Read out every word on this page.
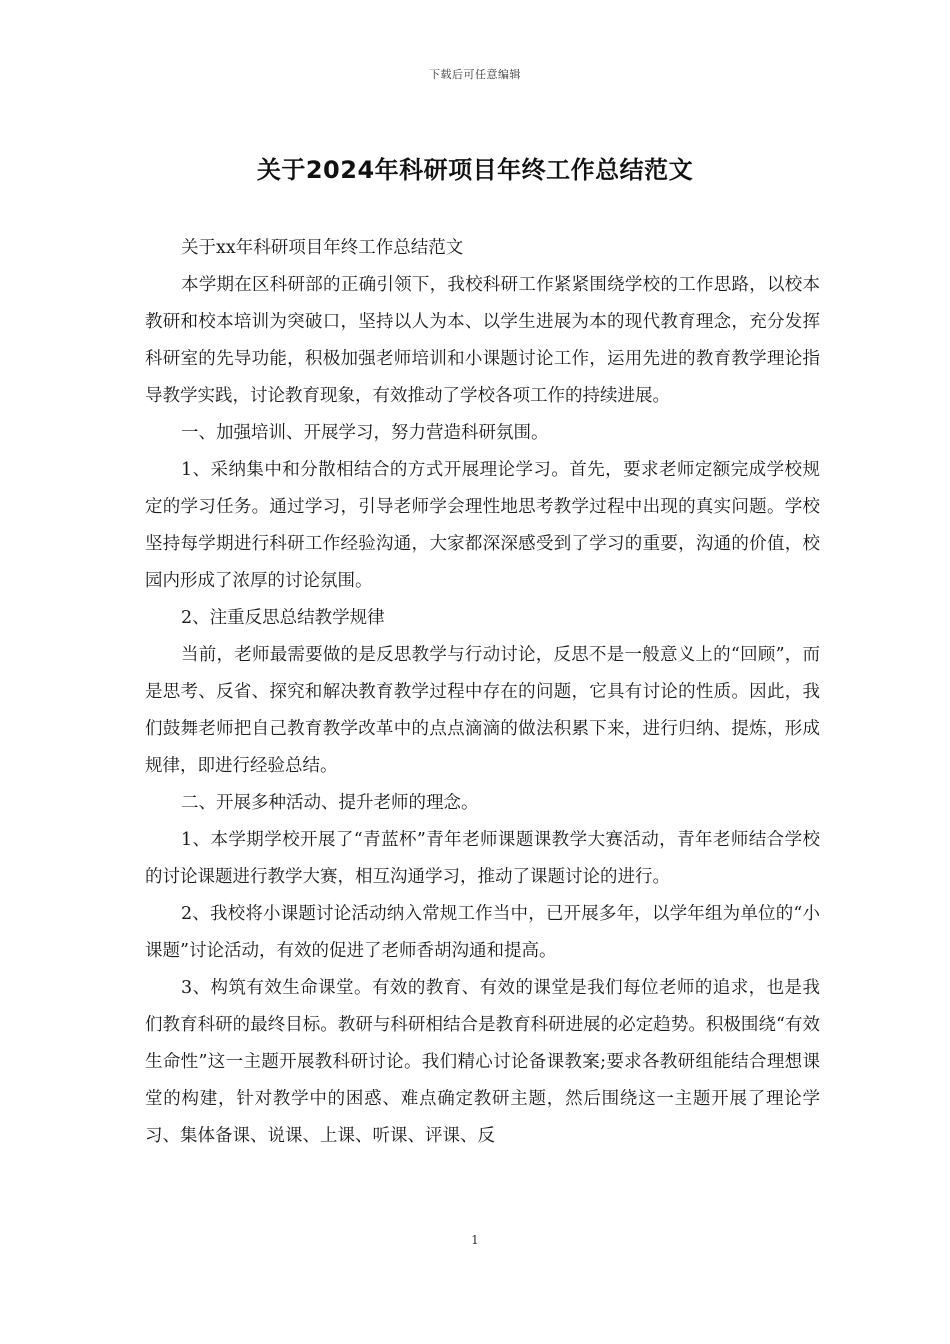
下载后可任意编辑
关于2024年科研项目年终工作总结范文

关于xx年科研项目年终工作总结范文

本学期在区科研部的正确引领下，我校科研工作紧紧围绕学校的工作思路，以校本教研和校本培训为突破口，坚持以人为本、以学生进展为本的现代教育理念，充分发挥科研室的先导功能，积极加强老师培训和小课题讨论工作，运用先进的教育教学理论指导教学实践，讨论教育现象，有效推动了学校各项工作的持续进展。

一、加强培训、开展学习，努力营造科研氛围。

1、采纳集中和分散相结合的方式开展理论学习。首先，要求老师定额完成学校规定的学习任务。通过学习，引导老师学会理性地思考教学过程中出现的真实问题。学校坚持每学期进行科研工作经验沟通，大家都深深感受到了学习的重要，沟通的价值，校园内形成了浓厚的讨论氛围。

2、注重反思总结教学规律

当前，老师最需要做的是反思教学与行动讨论，反思不是一般意义上的“回顾”，而是思考、反省、探究和解决教育教学过程中存在的问题，它具有讨论的性质。因此，我们鼓舞老师把自己教育教学改革中的点点滴滴的做法积累下来，进行归纳、提炼，形成规律，即进行经验总结。

二、开展多种活动、提升老师的理念。

1、本学期学校开展了“青蓝杯”青年老师课题课教学大赛活动，青年老师结合学校的讨论课题进行教学大赛，相互沟通学习，推动了课题讨论的进行。

2、我校将小课题讨论活动纳入常规工作当中，已开展多年，以学年组为单位的“小课题”讨论活动，有效的促进了老师香胡沟通和提高。

3、构筑有效生命课堂。有效的教育、有效的课堂是我们每位老师的追求，也是我们教育科研的最终目标。教研与科研相结合是教育科研进展的必定趋势。积极围绕“有效生命性”这一主题开展教科研讨论。我们精心讨论备课教案;要求各教研组能结合理想课堂的构建，针对教学中的困惑、难点确定教研主题，然后围绕这一主题开展了理论学习、集体备课、说课、上课、听课、评课、反

1
